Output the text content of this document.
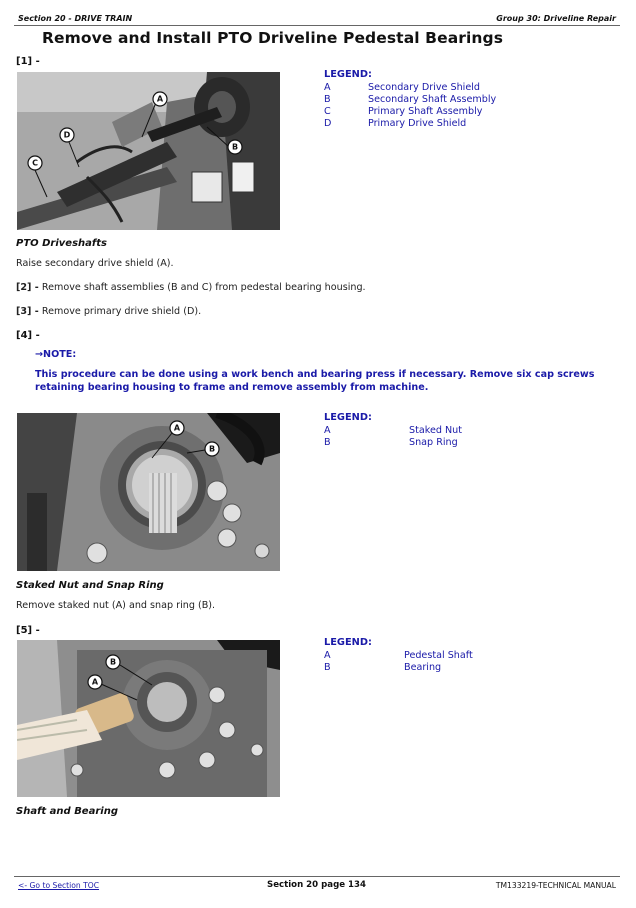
Section 20 - DRIVE TRAIN	Group 30: Driveline Repair
Remove and Install PTO Driveline Pedestal Bearings
[1] -
A
B
C
D
LEGEND:
A	Secondary Drive Shield
B	Secondary Shaft Assembly
C	Primary Shaft Assembly
D	Primary Drive Shield
PTO Driveshafts
Raise secondary drive shield (A).
[2] - Remove shaft assemblies (B and C) from pedestal bearing housing.
[3] - Remove primary drive shield (D).
[4] -
→NOTE:
This procedure can be done using a work bench and bearing press if necessary. Remove six cap screws
retaining bearing housing to frame and remove assembly from machine.
A
B
LEGEND:
A	Staked Nut
B	Snap Ring
Staked Nut and Snap Ring
Remove staked nut (A) and snap ring (B).
[5] -
A
B
LEGEND:
A	Pedestal Shaft
B	Bearing
Shaft and Bearing
<- Go to Section TOC	Section 20 page 134	TM133219-TECHNICAL MANUAL
